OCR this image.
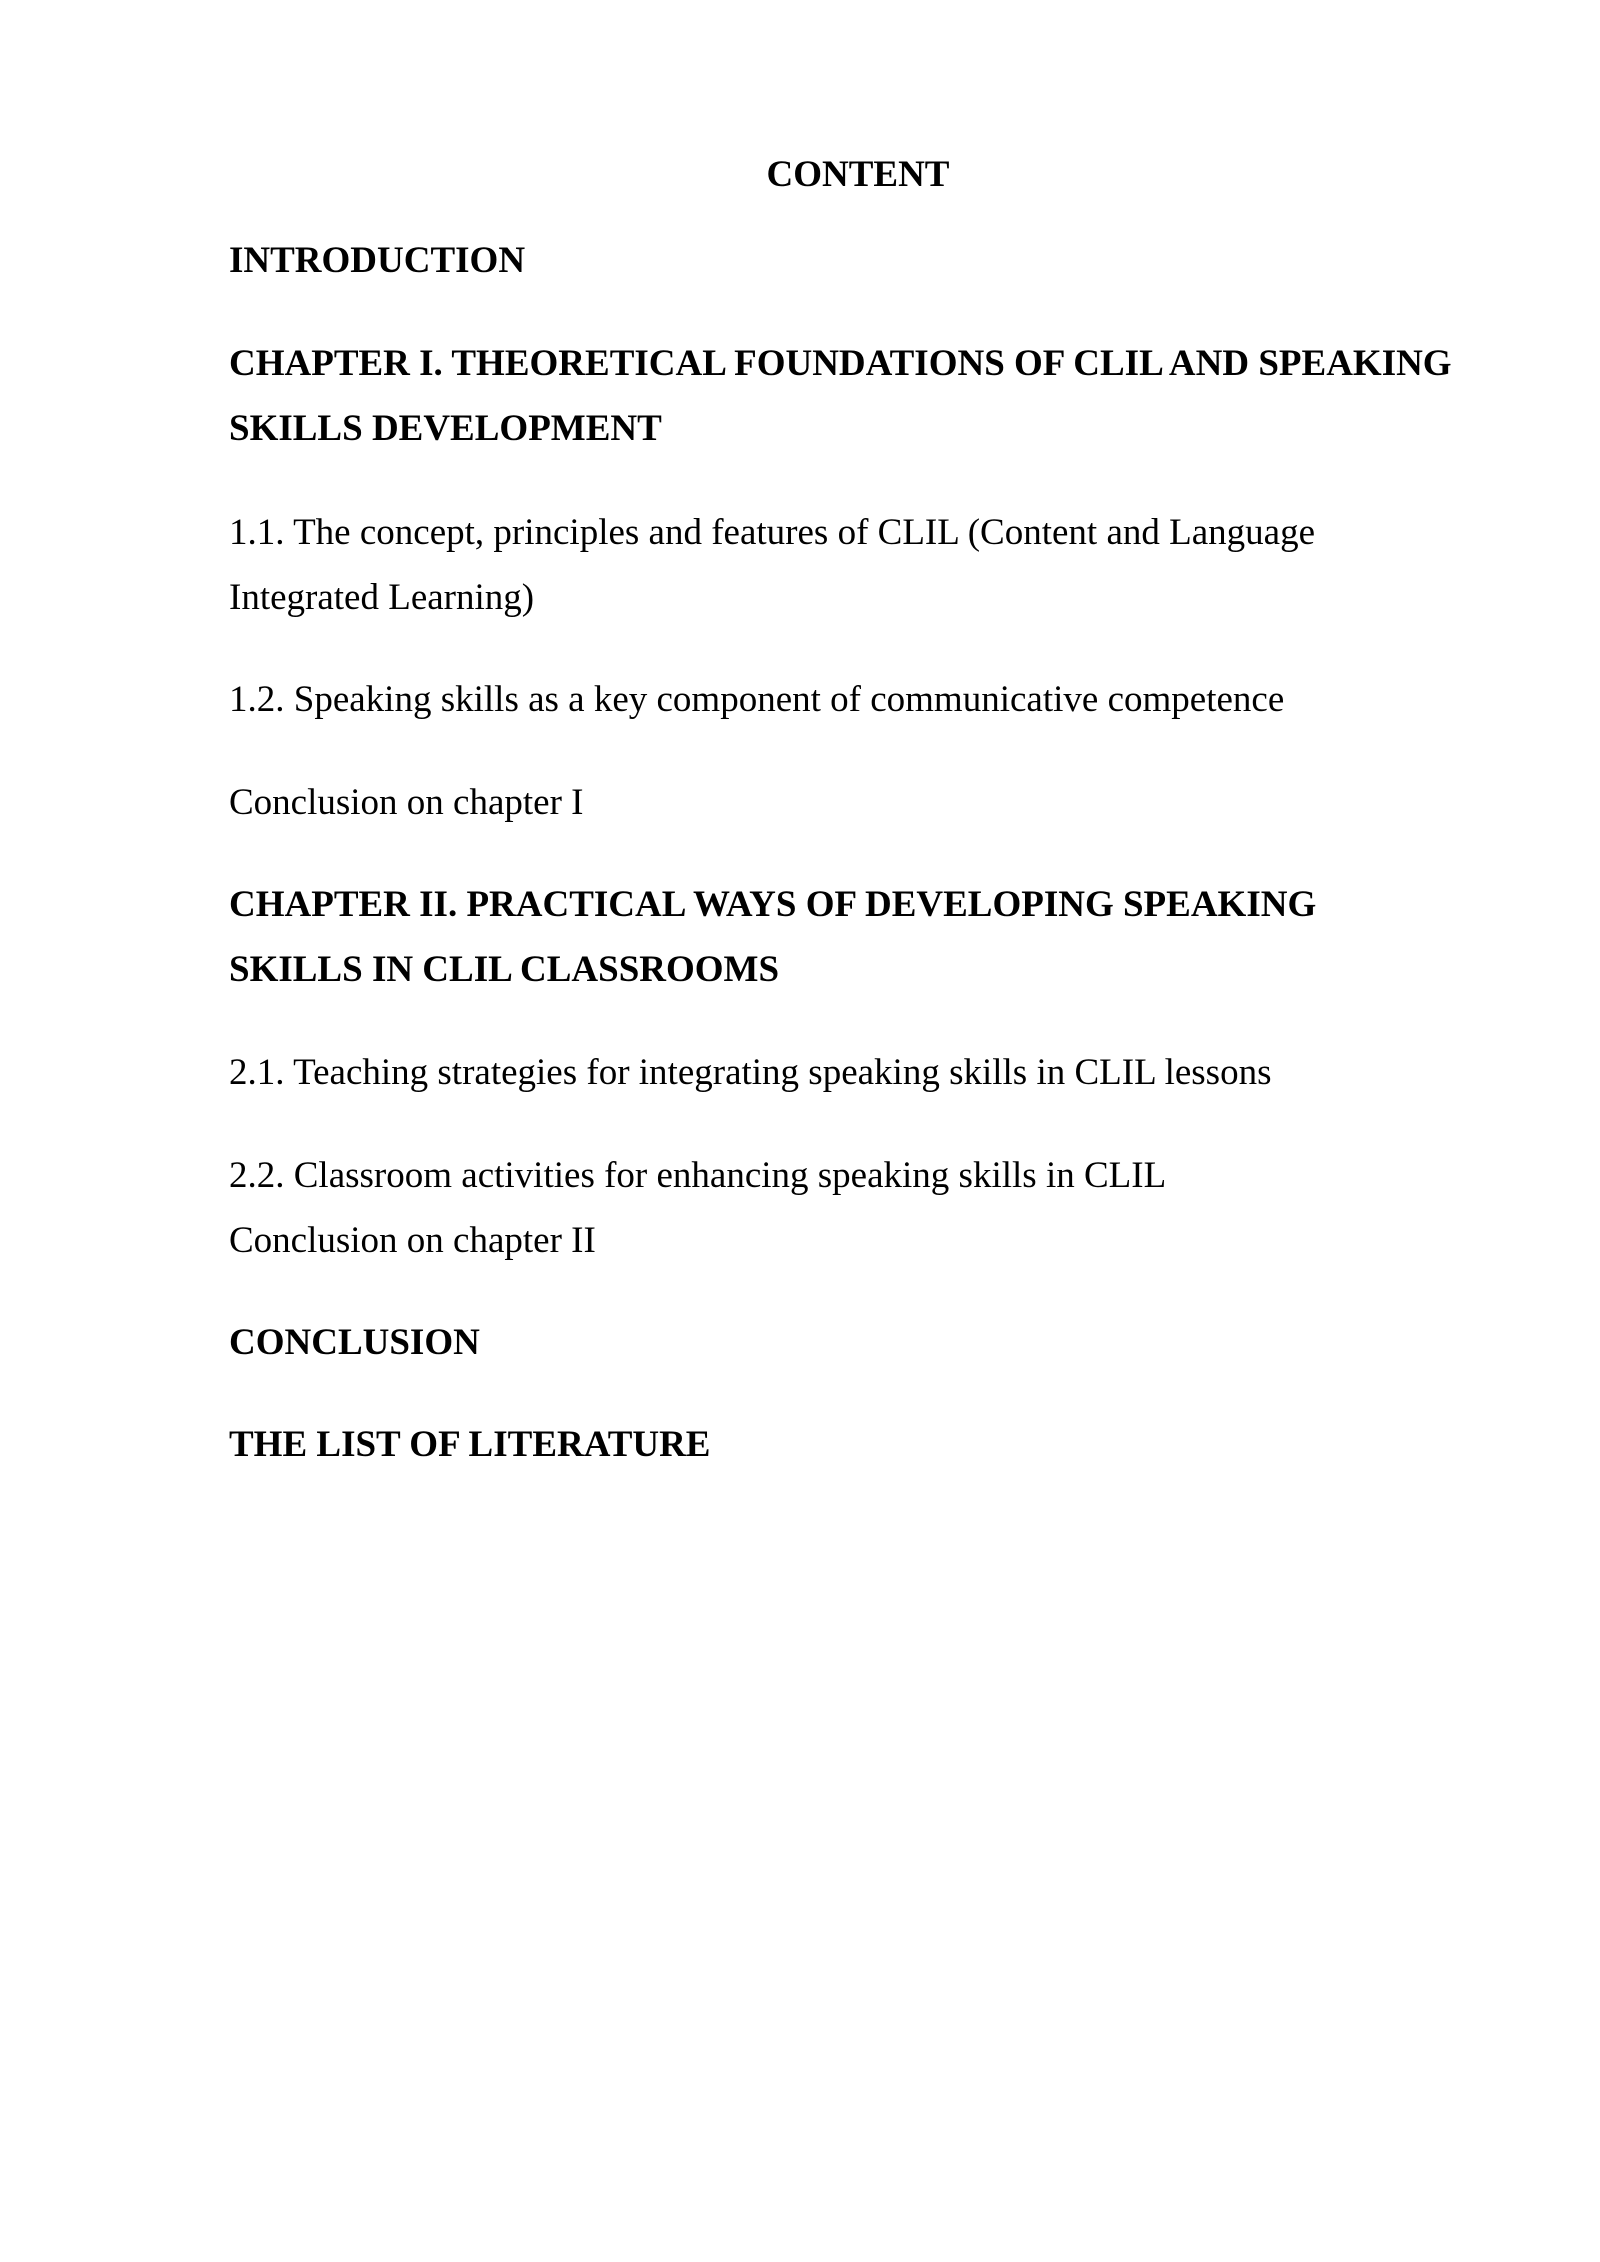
CONTENT
INTRODUCTION
CHAPTER I. THEORETICAL FOUNDATIONS OF CLIL AND SPEAKING
SKILLS DEVELOPMENT
1.1. The concept, principles and features of CLIL (Content and Language
Integrated Learning)
1.2. Speaking skills as a key component of communicative competence
Conclusion on chapter I
CHAPTER II. PRACTICAL WAYS OF DEVELOPING SPEAKING
SKILLS IN CLIL CLASSROOMS
2.1. Teaching strategies for integrating speaking skills in CLIL lessons
2.2. Classroom activities for enhancing speaking skills in CLIL
Conclusion on chapter II
CONCLUSION
THE LIST OF LITERATURE
